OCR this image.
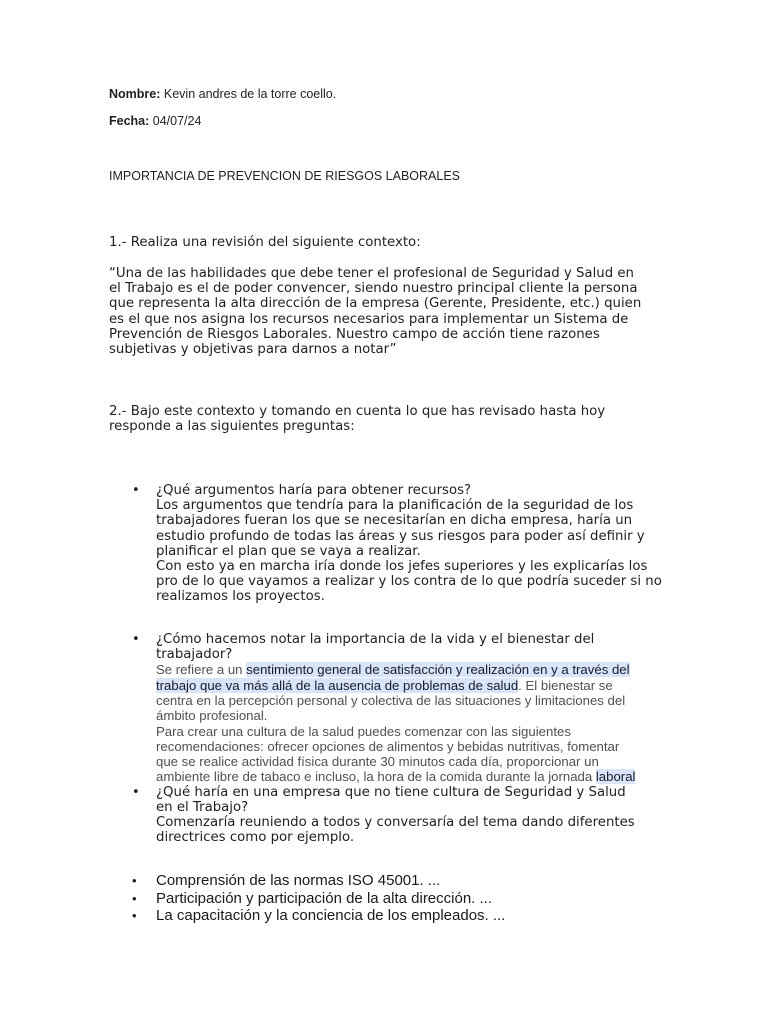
Nombre: Kevin andres de la torre coello.
Fecha: 04/07/24
IMPORTANCIA DE PREVENCION DE RIESGOS LABORALES

1.- Realiza una revisión del siguiente contexto:

“Una de las habilidades que debe tener el profesional de Seguridad y Salud en el Trabajo es el de poder convencer, siendo nuestro principal cliente la persona que representa la alta dirección de la empresa (Gerente, Presidente, etc.) quien es el que nos asigna los recursos necesarios para implementar un Sistema de Prevención de Riesgos Laborales. Nuestro campo de acción tiene razones subjetivas y objetivas para darnos a notar”

2.- Bajo este contexto y tomando en cuenta lo que has revisado hasta hoy responde a las siguientes preguntas:

• ¿Qué argumentos haría para obtener recursos?
Los argumentos que tendría para la planificación de la seguridad de los trabajadores fueran los que se necesitarían en dicha empresa, haría un estudio profundo de todas las áreas y sus riesgos para poder así definir y planificar el plan que se vaya a realizar.
Con esto ya en marcha iría donde los jefes superiores y les explicarías los pro de lo que vayamos a realizar y los contra de lo que podría suceder si no realizamos los proyectos.
• ¿Cómo hacemos notar la importancia de la vida y el bienestar del trabajador?
Se refiere a un sentimiento general de satisfacción y realización en y a través del trabajo que va más allá de la ausencia de problemas de salud. El bienestar se centra en la percepción personal y colectiva de las situaciones y limitaciones del ámbito profesional.
Para crear una cultura de la salud puedes comenzar con las siguientes recomendaciones: ofrecer opciones de alimentos y bebidas nutritivas, fomentar que se realice actividad física durante 30 minutos cada día, proporcionar un ambiente libre de tabaco e incluso, la hora de la comida durante la jornada laboral
• ¿Qué haría en una empresa que no tiene cultura de Seguridad y Salud en el Trabajo?
Comenzaría reuniendo a todos y conversaría del tema dando diferentes directrices como por ejemplo.
• Comprensión de las normas ISO 45001. ...
• Participación y participación de la alta dirección. ...
• La capacitación y la conciencia de los empleados. ...
